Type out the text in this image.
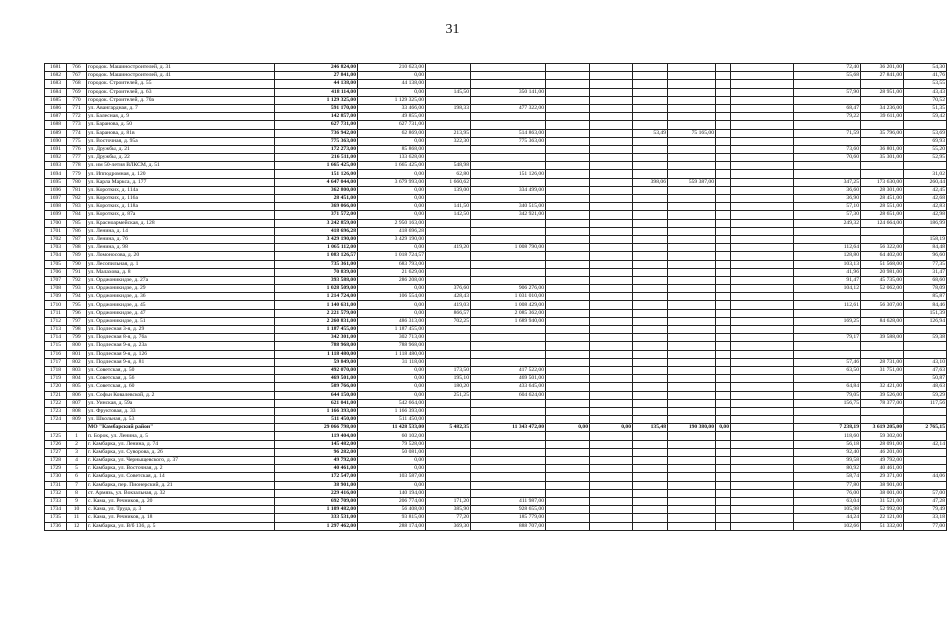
31
1681	766	городок. Машиностроителей, д. 31	246 824,00	210 623,00									72,40	36 201,00	54,30	
1682	767	городок. Машиностроителей, д. 41	27 841,00	0,00									55,68	27 841,00	41,76	
1683	768	городок. Строителей, д. 55	44 138,00	44 138,00											53,55	
1684	769	городок. Строителей, д. 63	418 114,00	0,00	145,50	350 141,00							57,90	28 951,00	43,43	
1685	770	городок. Строителей, д. 70а	1 129 325,00	1 129 325,00											70,52	
1686	771	ул. Авангардная, д. 7	591 170,00	33 466,00	198,33	477 322,00							68,47	34 236,00	51,35	
1687	772	ул. Балесная, д. 9	142 857,00	49 855,00									79,22	39 611,00	59,42	
1688	773	ул. Баранова, д. 50	627 731,00	627 731,00												
1689	774	ул. Баранова, д. 81в	736 942,00	62 869,00	213,95	514 863,00			53,49	75 165,00			71,59	35 796,00	53,69	
1690	775	ул. Восточная, д. 95а	775 363,00	0,00	322,30	775 363,00									69,93	
1691	776	ул. Дружбы, д. 21	172 273,00	85 868,00									73,60	36 801,00	55,20	
1692	777	ул. Дружбы, д. 22	216 511,00	133 628,00									70,60	35 301,00	52,95	
1693	778	ул. им 50-летия ВЛКСМ, д. 51	1 665 425,00	1 665 425,00	548,98											
1694	779	ул. Ипподромная, д. 120	151 126,00	0,00	62,80	151 126,00									31,02	
1695	780	ул. Карла Маркса, д. 177	4 647 044,00	3 679 993,00	1 660,62				398,06	559 387,00			347,25	173 630,00	260,44	
1696	781	ул. Коротких, д. 114а	362 800,00	0,00	139,00	334 499,00							36,60	28 301,00	42,45	
1697	782	ул. Коротких, д. 116а	28 451,00	0,00									36,90	28 451,00	42,68	
1698	783	ул. Коротких, д. 118а	369 066,00	0,00	141,50	340 515,00							57,10	28 551,00	42,83	
1699	784	ул. Коротких, д. 87а	371 572,00	0,00	142,50	342 921,00							57,30	28 651,00	42,98	
1700	785	ул. Красноармейская, д. 128	3 242 859,00	2 950 163,00									249,32	124 664,00	186,99	
1701	786	ул. Ленина, д. 14	418 696,28	418 696,28												
1702	787	ул. Ленина, д. 76	3 429 190,00	3 429 190,00											158,19	
1703	788	ул. Ленина, д. 98	1 065 112,00	0,00	419,20	1 008 790,00							112,64	56 322,00	84,48	
1704	789	ул. Ломоносова, д. 20	1 083 126,57	1 018 724,57									128,80	64 402,00	96,60	
1705	790	ул. Лесопильная, д. 1	735 361,00	683 793,00									103,13	51 568,00	77,35	
1706	791	ул. Малахова, д. 8	70 839,00	21 629,00									41,96	20 981,00	31,47	
1707	792	ул. Орджоникидзе, д. 27а	393 588,00	286 208,00									91,47	45 735,00	68,60	
1708	793	ул. Орджоникидзе, д. 29	1 028 509,00	0,00	376,60	906 276,00							104,12	52 062,00	78,09	
1709	794	ул. Орджоникидзе, д. 36	1 214 724,00	106 554,00	428,43	1 031 010,00									85,87	
1710	795	ул. Орджоникидзе, д. 45	1 140 631,00	0,00	419,03	1 008 429,00							112,61	56 307,00	84,46	
1711	796	ул. Орджоникидзе, д. 47	2 221 579,00	0,00	866,57	2 085 362,00									151,39	
1712	797	ул. Орджоникидзе, д. 51	2 260 831,00	486 313,00	702,25	1 689 940,00							169,25	84 628,00	126,94	
1713	798	ул. Подлесная 3-я, д. 29	1 187 455,00	1 187 455,00												
1714	799	ул. Подлесная 8-я, д. 76а	342 301,00	302 713,00									79,17	39 588,00	59,38	
1715	800	ул. Подлесная 9-я, д. 23а	788 968,00	788 968,00												
1716	801	ул. Подлесная 9-я, д. 126	1 118 480,00	1 118 480,00												
1717	802	ул. Подлесная 9-я, д. 81	59 849,00	31 118,00									57,46	28 731,00	43,10	
1718	803	ул. Советская, д. 50	492 070,00	0,00	173,50	417 522,00							63,50	31 751,00	47,63	
1719	804	ул. Советская, д. 56	469 501,00	0,00	195,10	469 501,00									50,87	
1720	805	ул. Советская, д. 60	509 766,00	0,00	180,20	433 645,00							64,84	32 421,00	48,63	
1721	806	ул. Софьи Ковалевской, д. 2	644 150,00	0,00	251,25	604 624,00							79,05	39 526,00	59,29	
1722	807	ул. Уинская, д. 59а	621 041,00	542 664,00									156,75	78 377,00	117,56	
1723	808	ул. Фруктовая, д. 33	1 166 393,00	1 166 393,00												
1724	809	ул. Школьная, д. 53	511 450,00	511 450,00												
		МО "Камбарский район"	29 066 798,00	11 428 533,00	5 482,35	11 343 472,00	0,00	0,00	135,48	190 380,00	0,00		7 238,19	3 619 205,00	2 765,15	
1725	1	п. Борок, ул. Ленина, д. 5	119 404,00	60 102,00									118,60	59 302,00		
1726	2	г. Камбарка, ул. Ленина, д. 74	145 482,00	79 528,00									56,18	28 091,00	42,14	
1727	3	г. Камбарка, ул. Суворова, д. 26	96 282,00	50 081,00									92,40	46 201,00		
1728	4	г. Камбарка, ул. Черныщевского, д. 37	49 792,00	0,00									99,58	49 792,00		
1729	5	г. Камбарка, ул. Восточная, д. 2	40 461,00	0,00									80,92	40 461,00		
1730	6	г. Камбарка, ул. Советская, д. 14	172 547,00	103 587,00									58,74	29 371,00	44,06	
1731	7	г. Камбарка, пер. Пионерский, д. 21	38 901,00	0,00									77,80	38 901,00		
1732	8	ст. Армязь, ул. Вокзальная, д. 32	229 416,00	140 194,00									76,00	38 001,00	57,00	
1733	9	с. Кама, ул. Речников, д. 20	692 709,00	206 774,00	171,20	411 987,00							63,04	31 521,00	47,28	
1734	10	с. Кама, ул. Труда, д. 3	1 109 482,00	56 408,00	385,90	928 655,00							105,98	52 992,00	79,49	
1735	11	с. Кама, ул. Речников, д. 18	333 531,00	93 815,00	77,20	185 779,00							44,24	22 121,00	33,18	
1736	12	г. Камбарка, ул. В/б 136, д. 5	1 297 462,00	288 174,00	369,30	888 707,00							102,66	51 332,00	77,00	
